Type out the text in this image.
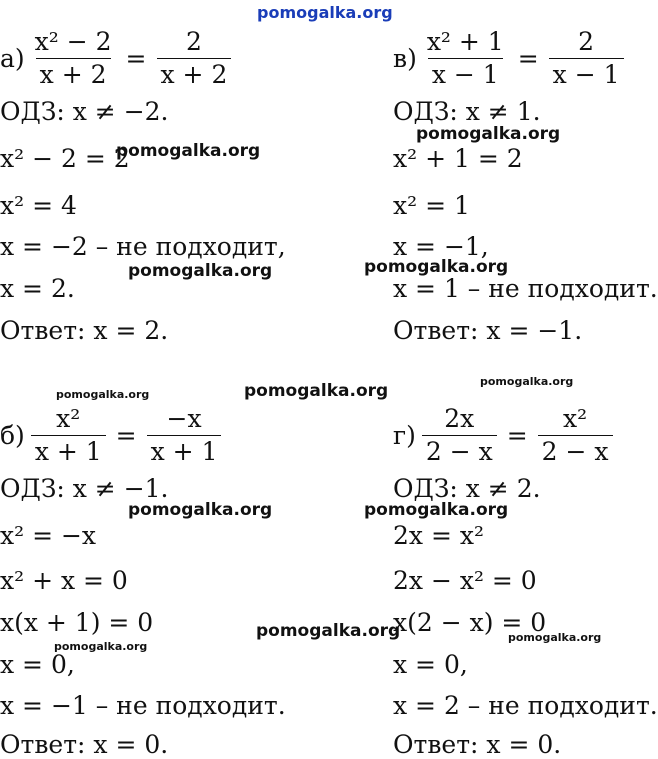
pomogalka.org
pomogalka.org
pomogalka.org
pomogalka.org	pomogalka.org
pomogalka.org
pomogalka.org
pomogalka.org
pomogalka.org	pomogalka.org
pomogalka.org
pomogalka.org
pomogalka.org
$а) \frac{\text{x² − 2}}{x + 2} = \frac{2}{x + 2}$
ОДЗ: x ≠ −2.
x² − 2 = 2
x² = 4
x = −2 – не подходит,
x = 2.
Ответ: x = 2.
$в) \frac{\text{x² + 1}}{x - 1} = \frac{2}{x - 1}$
ОДЗ: x ≠ 1.
x² + 1 = 2
x² = 1
x = −1,
x = 1 – не подходит.
Ответ: x = −1.
$б) \frac{\text{x²}}{x + 1} = \frac{-x}{x + 1}$
ОДЗ: x ≠ −1.
x² = −x
x² + x = 0
x(x + 1) = 0
x = 0,
x = −1 – не подходит.
Ответ: x = 0.
$г) \frac{2x}{2 - x} = \frac{\text{x²}}{2 - x}$
ОДЗ: x ≠ 2.
2x = x²
2x − x² = 0
x(2 − x) = 0
x = 0,
x = 2 – не подходит.
Ответ: x = 0.
